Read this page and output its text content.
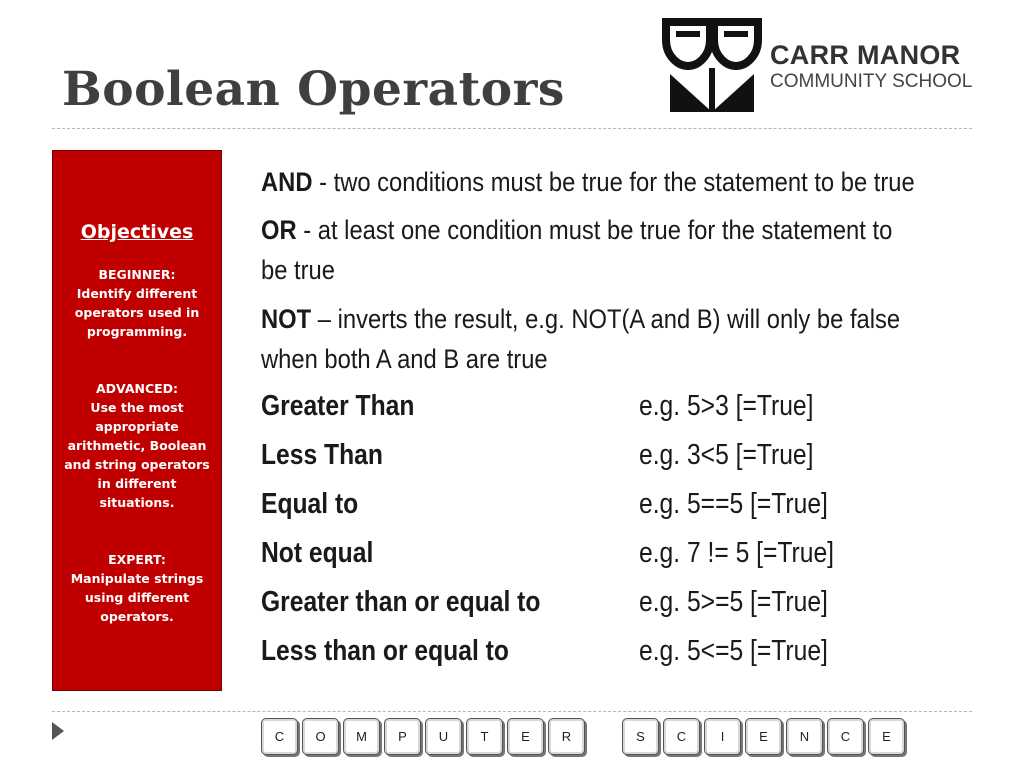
Boolean Operators
CARR MANOR
COMMUNITY SCHOOL
Objectives
BEGINNER:
Identify different operators used in programming.
ADVANCED:
Use the most appropriate arithmetic, Boolean and string operators in different situations.
EXPERT:
Manipulate strings using different operators.
AND - two conditions must be true for the statement to be true
OR - at least one condition must be true for the statement to
be true
NOT – inverts the result, e.g. NOT(A and B) will only be false
when both A and B are true
Greater Than	e.g. 5>3 [=True]
Less Than	e.g. 3<5 [=True]
Equal to	e.g. 5==5 [=True]
Not equal	e.g. 7 != 5 [=True]
Greater than or equal to	e.g. 5>=5 [=True]
Less than or equal to	e.g. 5<=5 [=True]
C	O	M	P	U	T	E	R	S	C	I	E	N	C	E
